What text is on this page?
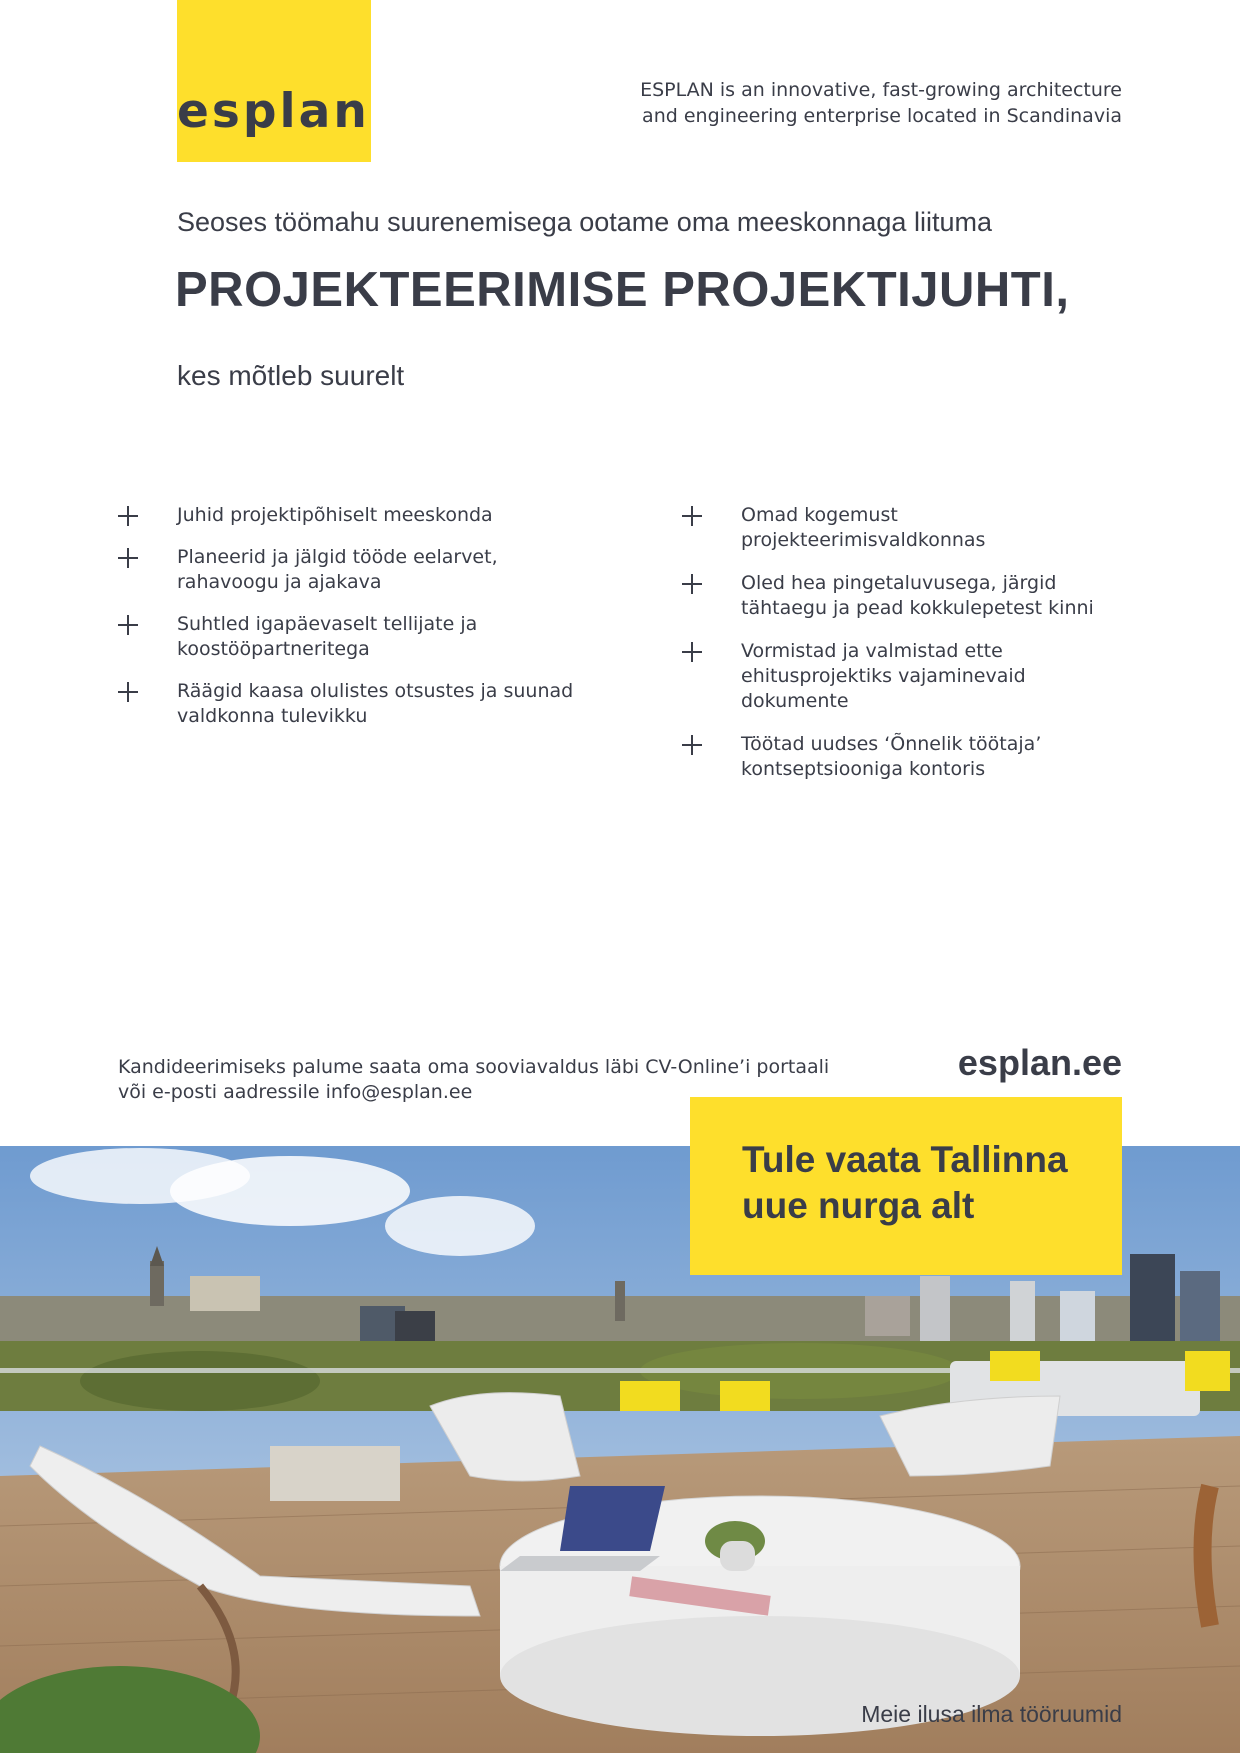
esplan	ESPLAN is an innovative, fast-growing architecture
and engineering enterprise located in Scandinavia
Seoses töömahu suurenemisega ootame oma meeskonnaga liituma
PROJEKTEERIMISE PROJEKTIJUHTI,
kes mõtleb suurelt
Juhid projektipõhiselt meeskonda
Planeerid ja jälgid tööde eelarvet,
rahavoogu ja ajakava
Suhtled igapäevaselt tellijate ja
koostööpartneritega
Räägid kaasa olulistes otsustes ja suunad
valdkonna tulevikku
Omad kogemust
projekteerimisvaldkonnas
Oled hea pingetaluvusega, järgid
tähtaegu ja pead kokkulepetest kinni
Vormistad ja valmistad ette
ehitusprojektiks vajaminevaid
dokumente
Töötad uudses ‘Õnnelik töötaja’
kontseptsiooniga kontoris
Kandideerimiseks palume saata oma sooviavaldus läbi CV-Online’i portaali
või e-posti aadressile info@esplan.ee
esplan.ee
Tule vaata Tallinna
uue nurga alt
Meie ilusa ilma tööruumid
